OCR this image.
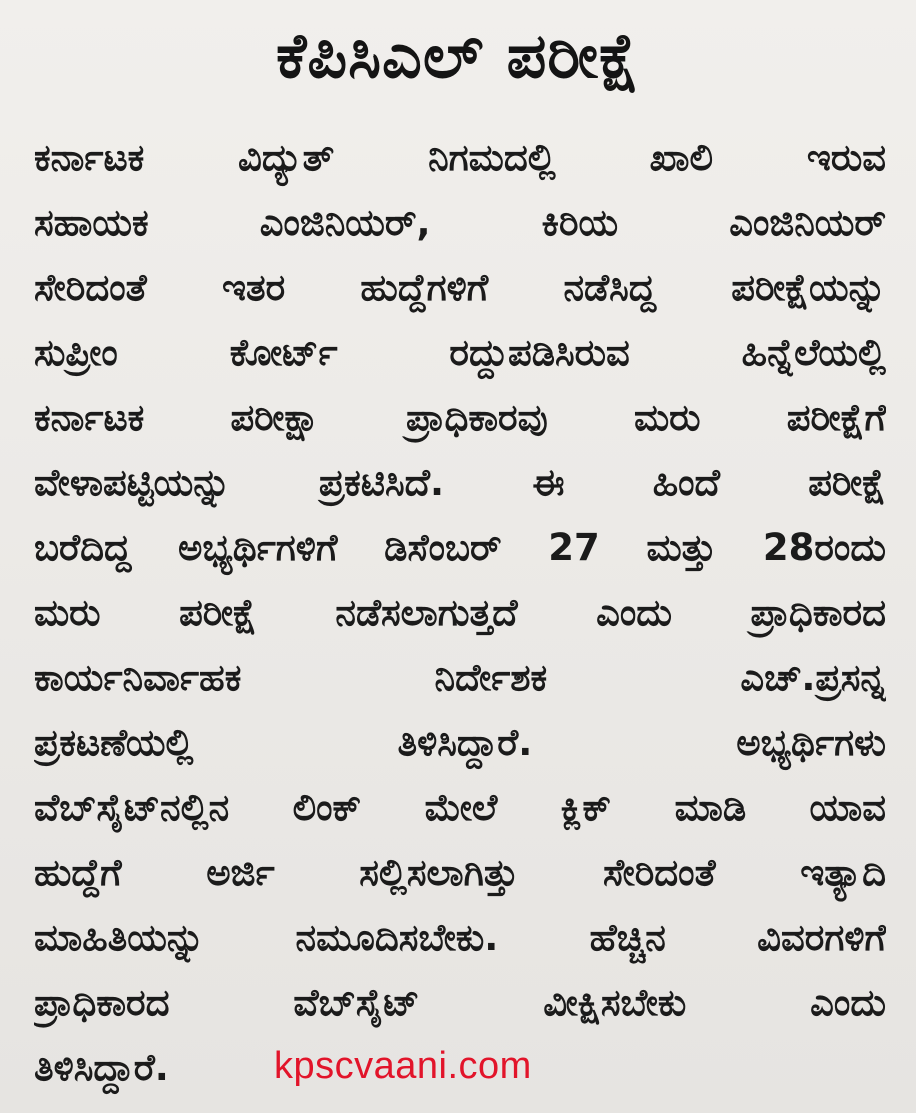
ಕೆಪಿಸಿಎಲ್ ಪರೀಕ್ಷೆ
ಕರ್ನಾಟಕ ವಿದ್ಯುತ್ ನಿಗಮದಲ್ಲಿ ಖಾಲಿ ಇರುವ
ಸಹಾಯಕ ಎಂಜಿನಿಯರ್, ಕಿರಿಯ ಎಂಜಿನಿಯರ್
ಸೇರಿದಂತೆ ಇತರ ಹುದ್ದೆಗಳಿಗೆ ನಡೆಸಿದ್ದ ಪರೀಕ್ಷೆಯನ್ನು
ಸುಪ್ರೀಂ ಕೋರ್ಟ್ ರದ್ದುಪಡಿಸಿರುವ ಹಿನ್ನೆಲೆಯಲ್ಲಿ
ಕರ್ನಾಟಕ ಪರೀಕ್ಷಾ ಪ್ರಾಧಿಕಾರವು ಮರು ಪರೀಕ್ಷೆಗೆ
ವೇಳಾಪಟ್ಟಿಯನ್ನು ಪ್ರಕಟಿಸಿದೆ. ಈ ಹಿಂದೆ ಪರೀಕ್ಷೆ
ಬರೆದಿದ್ದ ಅಭ್ಯರ್ಥಿಗಳಿಗೆ ಡಿಸೆಂಬರ್ 27 ಮತ್ತು 28ರಂದು
ಮರು ಪರೀಕ್ಷೆ ನಡೆಸಲಾಗುತ್ತದೆ ಎಂದು ಪ್ರಾಧಿಕಾರದ
ಕಾರ್ಯನಿರ್ವಾಹಕ ನಿರ್ದೇಶಕ ಎಚ್.ಪ್ರಸನ್ನ
ಪ್ರಕಟಣೆಯಲ್ಲಿ ತಿಳಿಸಿದ್ದಾರೆ. ಅಭ್ಯರ್ಥಿಗಳು
ವೆಬ್‌ಸೈಟ್‌ನಲ್ಲಿನ ಲಿಂಕ್ ಮೇಲೆ ಕ್ಲಿಕ್ ಮಾಡಿ ಯಾವ
ಹುದ್ದೆಗೆ ಅರ್ಜಿ ಸಲ್ಲಿಸಲಾಗಿತ್ತು ಸೇರಿದಂತೆ ಇತ್ಯಾದಿ
ಮಾಹಿತಿಯನ್ನು ನಮೂದಿಸಬೇಕು. ಹೆಚ್ಚಿನ ವಿವರಗಳಿಗೆ
ಪ್ರಾಧಿಕಾರದ ವೆಬ್‌ಸೈಟ್ ವೀಕ್ಷಿಸಬೇಕು ಎಂದು
ತಿಳಿಸಿದ್ದಾರೆ.	kpscvaani.com
